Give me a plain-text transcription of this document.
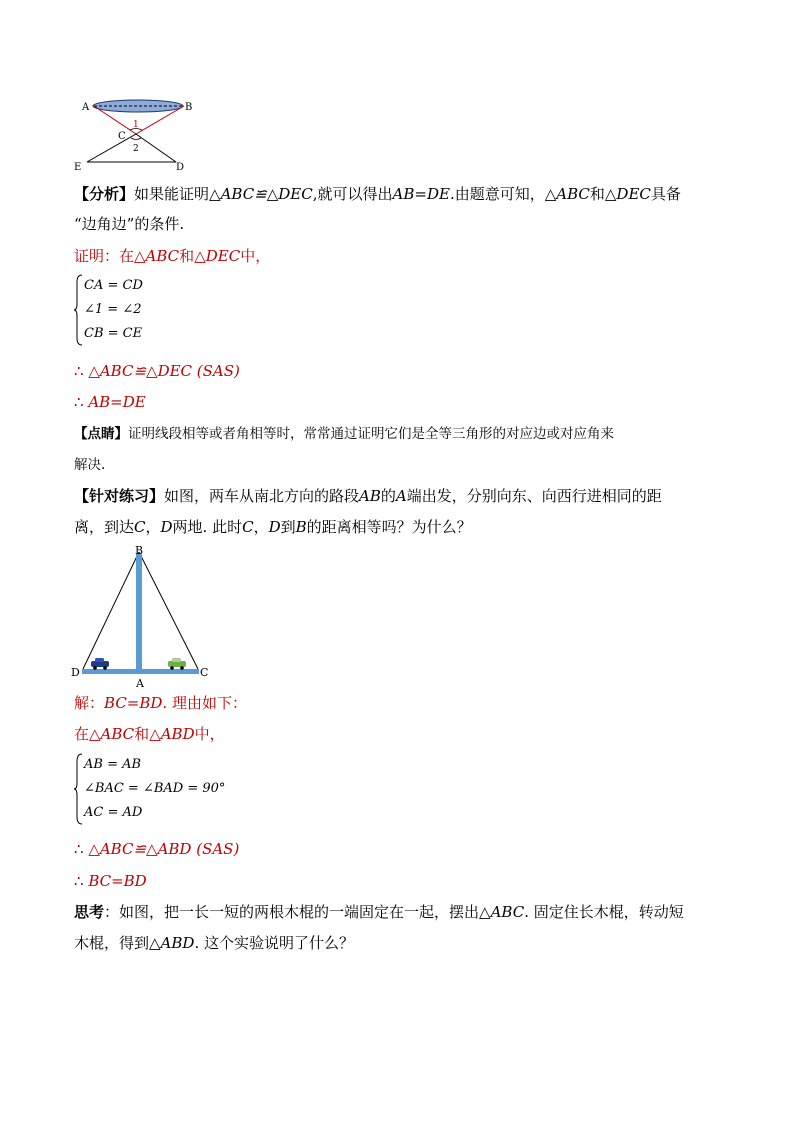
A	B
C
1
2
E	D
【分析】如果能证明△ABC≌△DEC,就可以得出AB=DE.由题意可知，△ABC和△DEC具备
“边角边”的条件.
证明：在△ABC和△DEC中，
CA = CD
∠1 = ∠2
CB = CE
∴ △ABC≌△DEC (SAS)
∴ AB=DE
【点睛】证明线段相等或者角相等时，常常通过证明它们是全等三角形的对应边或对应角来
解决.
【针对练习】如图，两车从南北方向的路段AB的A端出发，分别向东、向西行进相同的距
离，到达C，D两地. 此时C，D到B的距离相等吗？为什么？
B
D	C
A
解：BC=BD. 理由如下：
在△ABC和△ABD中，
AB = AB
∠BAC = ∠BAD = 90°
AC = AD
∴ △ABC≌△ABD (SAS)
∴ BC=BD
思考：如图，把一长一短的两根木棍的一端固定在一起，摆出△ABC. 固定住长木棍，转动短
木棍，得到△ABD. 这个实验说明了什么？
